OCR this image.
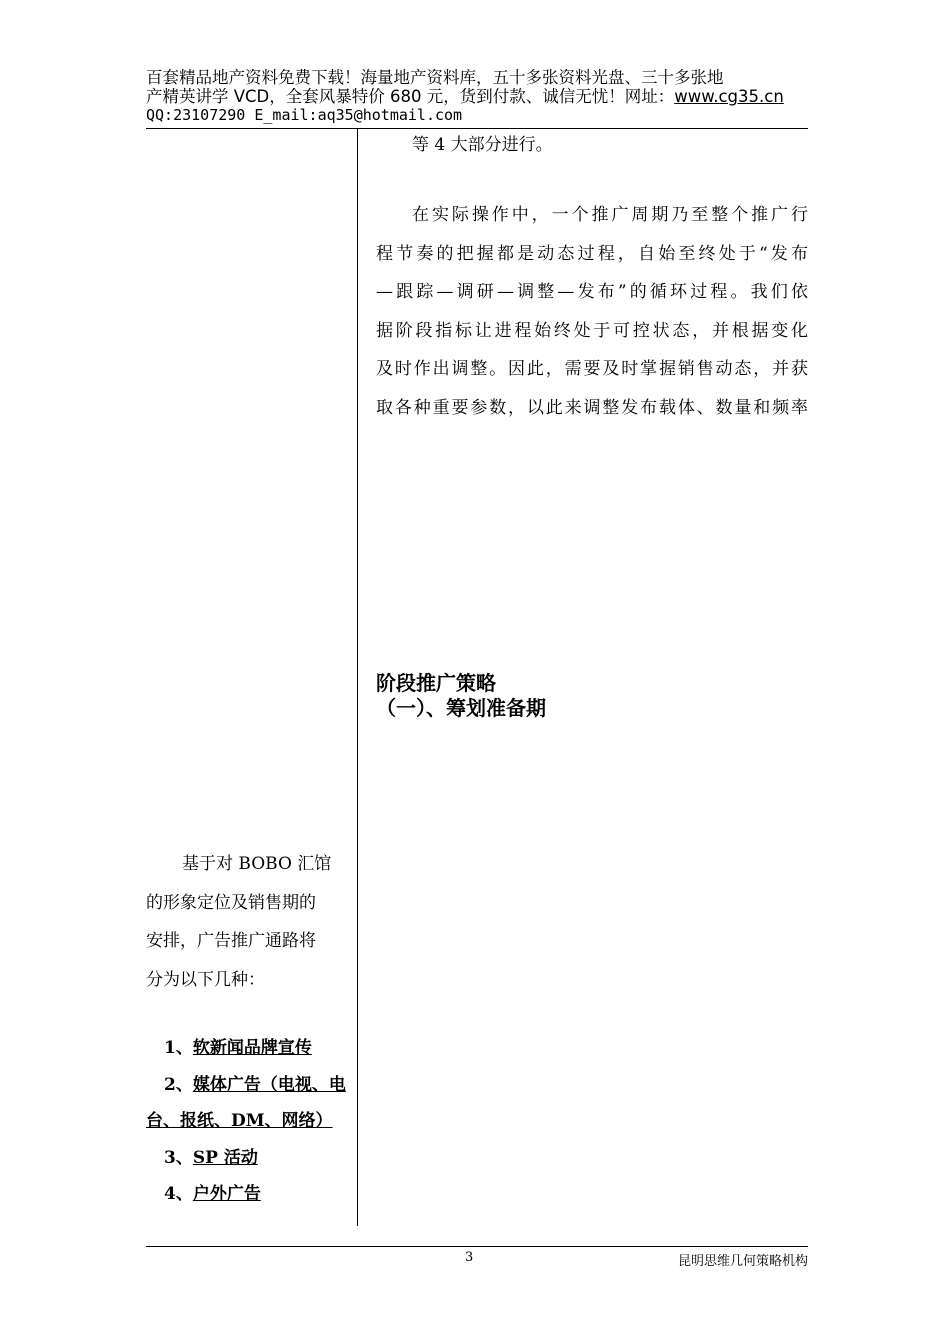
百套精品地产资料免费下载！海量地产资料库，五十多张资料光盘、三十多张地
产精英讲学 VCD，全套风暴特价 680 元，货到付款、诚信无忧！网址：www.cg35.cn
QQ:23107290 E_mail:aq35@hotmail.com
等 4 大部分进行。
在实际操作中，一个推广周期乃至整个推广行
程节奏的把握都是动态过程，自始至终处于“发布
—跟踪—调研—调整—发布”的循环过程。我们依
据阶段指标让进程始终处于可控状态，并根据变化
及时作出调整。因此，需要及时掌握销售动态，并获
取各种重要参数，以此来调整发布载体、数量和频率
阶段推广策略
（一）、筹划准备期
基于对 BOBO 汇馆
的形象定位及销售期的
安排，广告推广通路将
分为以下几种：
1、软新闻品牌宣传
2、媒体广告（电视、电
台、报纸、DM、网络）
3、SP 活动
4、户外广告
3	昆明思维几何策略机构
